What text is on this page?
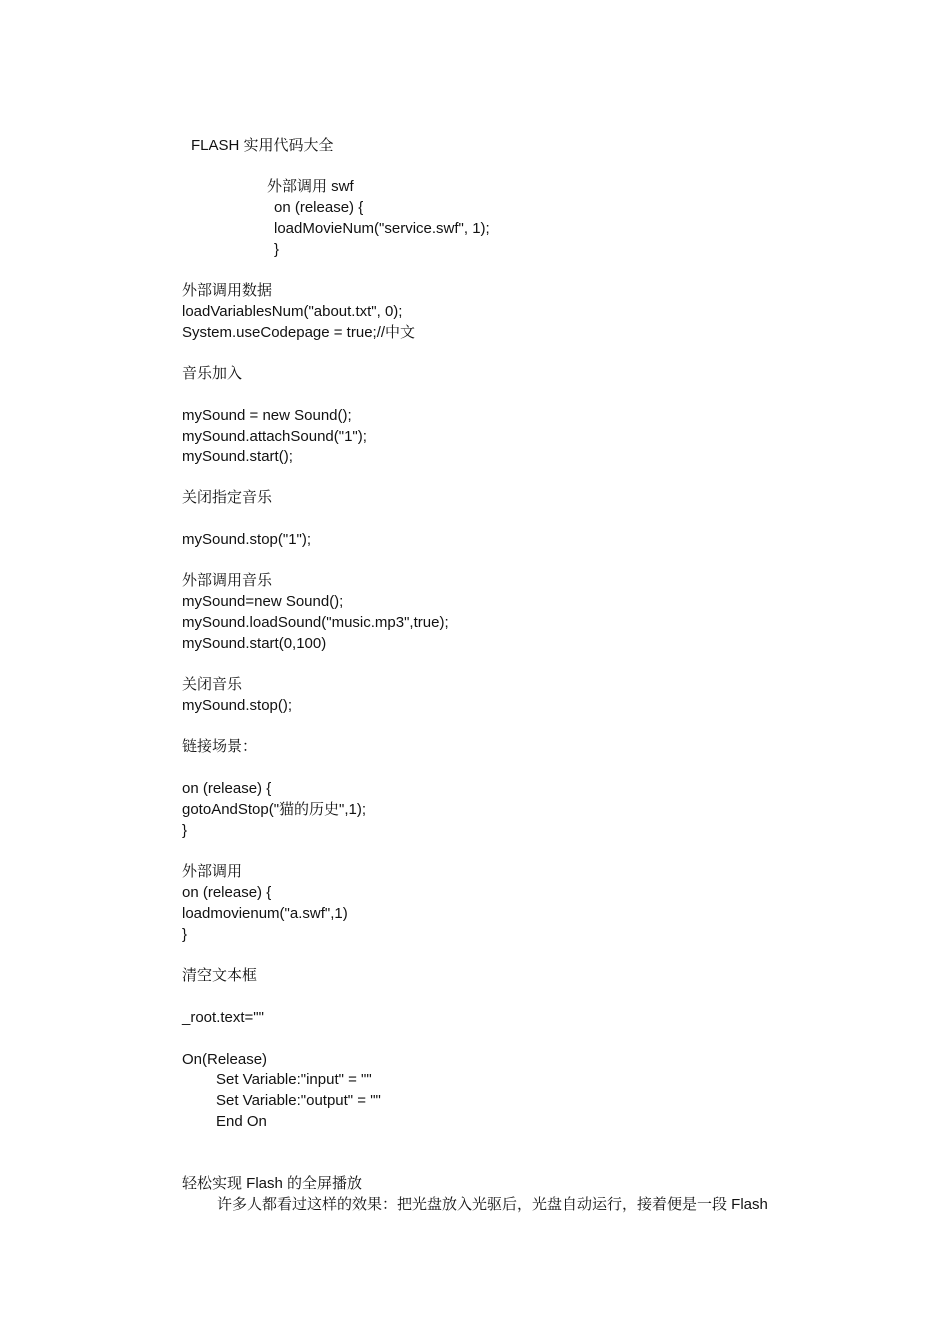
FLASH 实用代码大全
外部调用 swf
on (release) {
loadMovieNum("service.swf", 1);
}
外部调用数据
loadVariablesNum("about.txt", 0);
System.useCodepage = true;//中文
音乐加入
mySound = new Sound();
mySound.attachSound("1");
mySound.start();
关闭指定音乐
mySound.stop("1");
外部调用音乐
mySound=new Sound();
mySound.loadSound("music.mp3",true);
mySound.start(0,100)
关闭音乐
mySound.stop();
链接场景：
on (release) {
gotoAndStop("猫的历史",1);
}
外部调用
on (release) {
loadmovienum("a.swf",1)
}
清空文本框
_root.text=""
On(Release)
Set Variable:"input" = ""
Set Variable:"output" = ""
End On
轻松实现 Flash 的全屏播放
许多人都看过这样的效果：把光盘放入光驱后，光盘自动运行，接着便是一段 Flash
